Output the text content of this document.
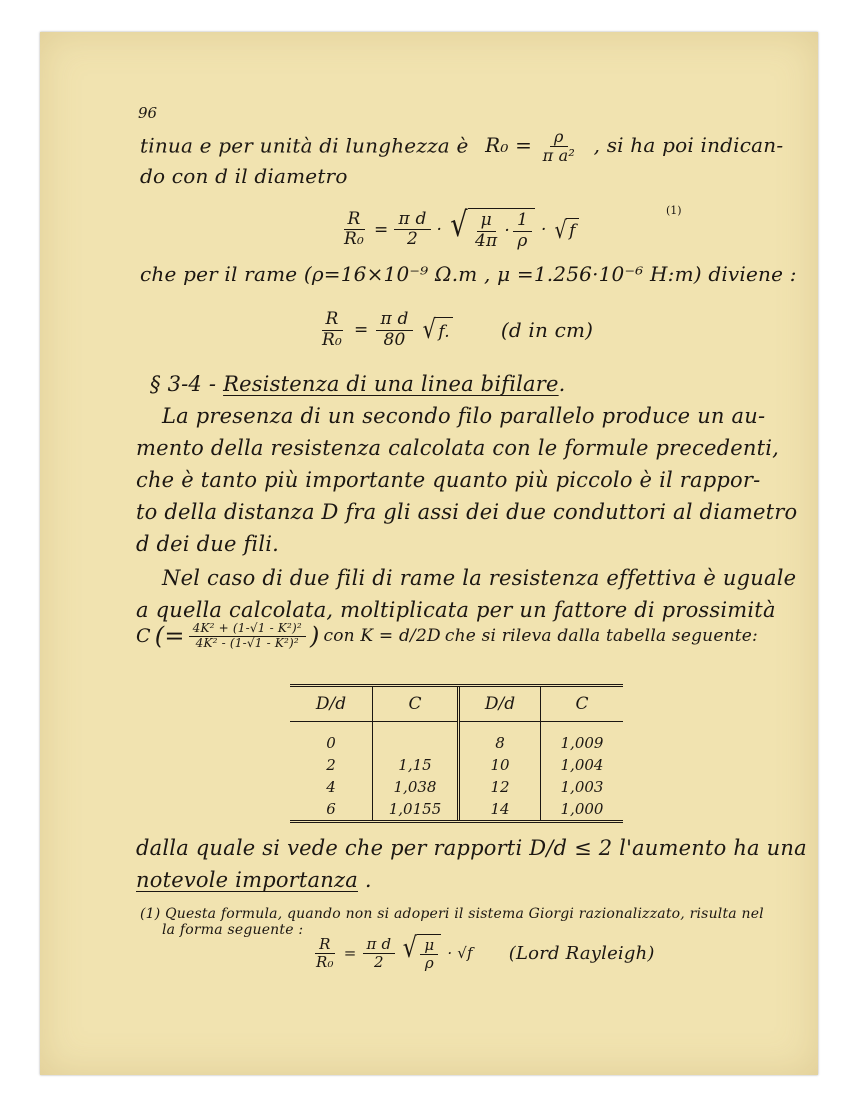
96
tinua e per unità di lunghezza è $R_0 = \frac{\rho}{\text{π a²}}$ , si ha poi indican-
do con d il diametro
$\frac{R}{\text{R₀}} = \frac{\text{π d}}{2}$ · √ $\frac{\mu}{4\pi} \cdot \frac{1}{\rho}$ · √ f
(1)
che per il rame (ρ=16×10⁻⁹ Ω.m , μ =1.256·10⁻⁶ H:m) diviene :
$\frac{R}{\text{R₀}} = \frac{\text{π d}}{80}$ √ f.	(d in cm)
§ 3-4 - Resistenza di una linea bifilare.
La presenza di un secondo filo parallelo produce un au-
mento della resistenza calcolata con le formule precedenti,
che è tanto più importante quanto più piccolo è il rappor-
to della distanza D fra gli assi dei due conduttori al diametro
d dei due fili.
Nel caso di due fili di rame la resistenza effettiva è uguale
a quella calcolata, moltiplicata per un fattore di prossimità
C (= $\frac{\text{4K² + (1-√1 - K²)²}}{\text{4K² - (1-√1 - K²)²}}$ ) con K = d/2D che si rileva dalla tabella seguente:
D/d	C	D/d	C
0		8	1,009
2	1,15	10	1,004
4	1,038	12	1,003
6	1,0155	14	1,000
dalla quale si vede che per rapporti D/d ≤ 2 l'aumento ha una
notevole importanza .
(1) Questa formula, quando non si adoperi il sistema Giorgi razionalizzato, risulta nel
la forma seguente :
$\frac{R}{\text{R₀}} = \frac{\text{π d}}{2}$ √ $\frac{\mu}{\rho} \cdot √f$ (Lord Rayleigh)
